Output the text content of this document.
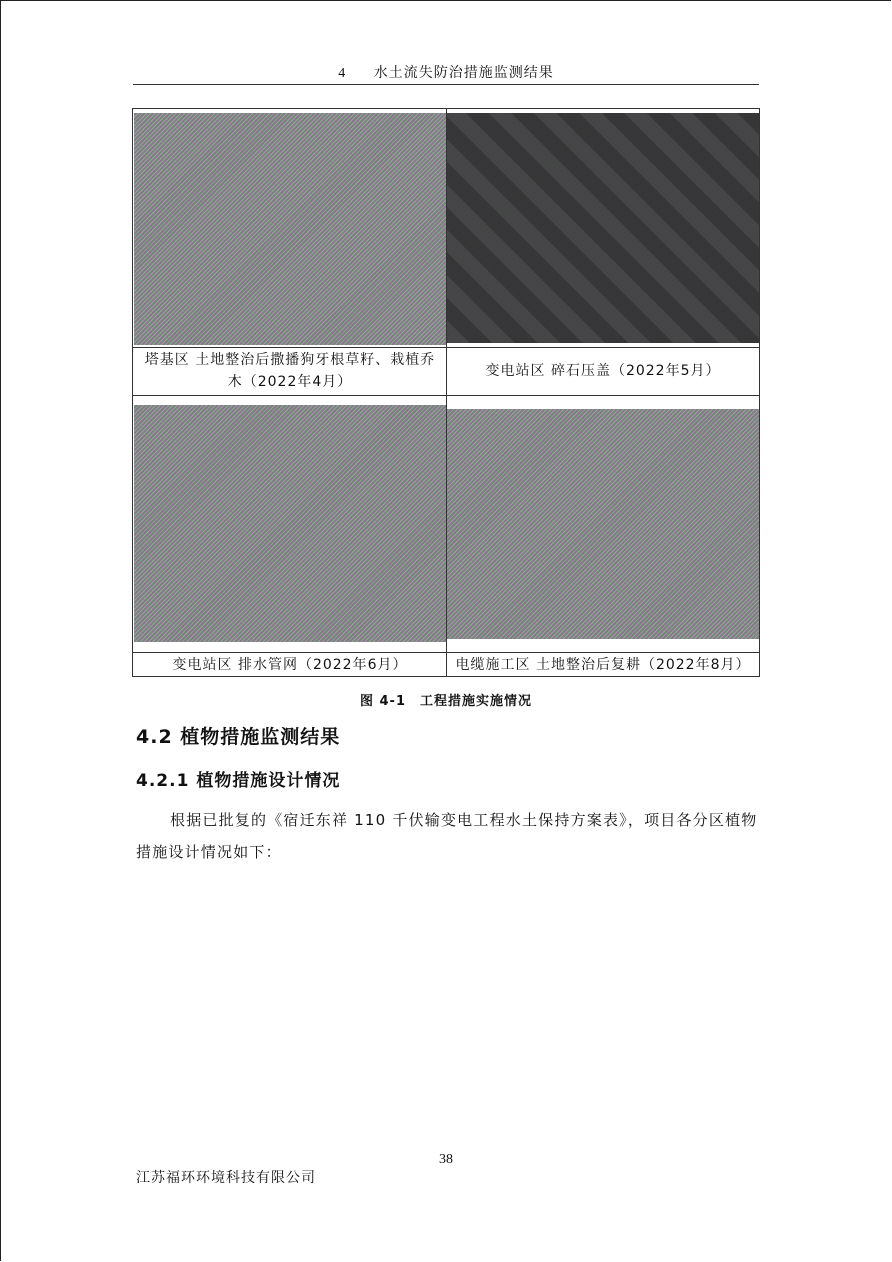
4 水土流失防治措施监测结果
塔基区 土地整治后撒播狗牙根草籽、栽植乔
木（2022年4月）
变电站区 碎石压盖（2022年5月）
变电站区 排水管网（2022年6月）	电缆施工区 土地整治后复耕（2022年8月）
图 4-1　工程措施实施情况
4.2 植物措施监测结果
4.2.1 植物措施设计情况
根据已批复的《宿迁东祥 110 千伏输变电工程水土保持方案表》，项目各分区植物措施设计情况如下：
38
江苏福环环境科技有限公司
